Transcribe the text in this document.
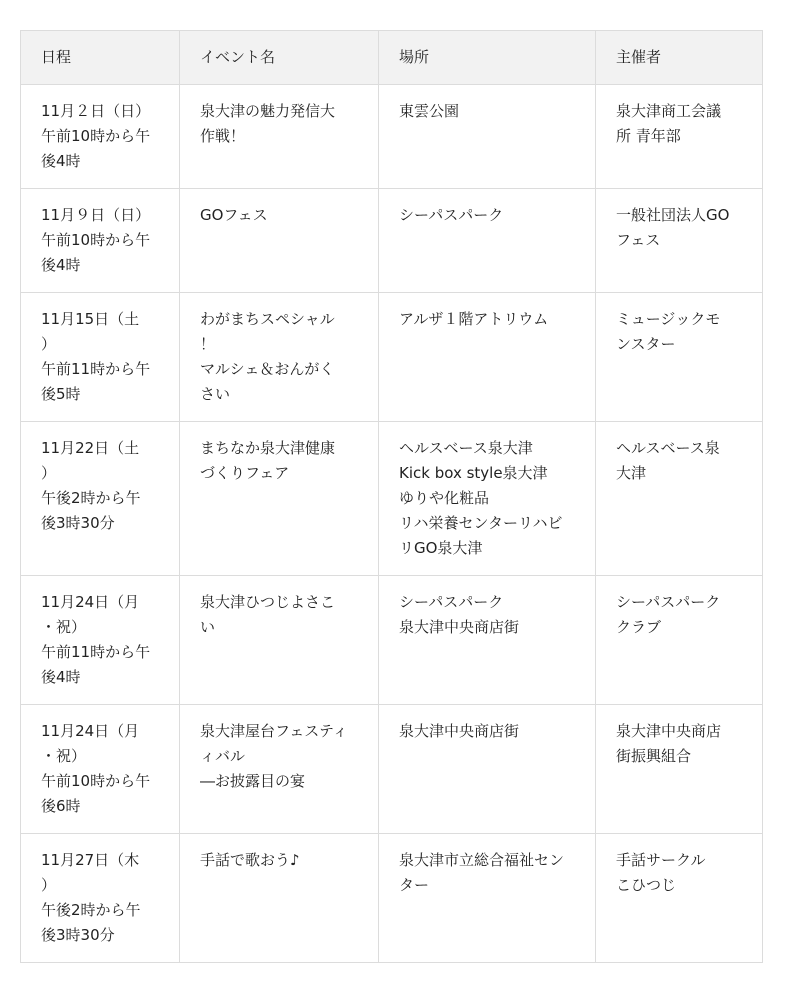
日程	イベント名	場所	主催者

11月２日（日）
午前10時から午
後4時	泉大津の魅力発信大
作戦！	東雲公園	泉大津商工会議
所 青年部

11月９日（日）
午前10時から午
後4時	GOフェス	シーパスパーク	一般社団法人GO
フェス

11月15日（土
）
午前11時から午
後5時	わがまちスペシャル
！
マルシェ＆おんがく
さい	アルザ１階アトリウム	ミュージックモ
ンスター

11月22日（土
）
午後2時から午
後3時30分	まちなか泉大津健康
づくりフェア	ヘルスベース泉大津
Kick box style泉大津
ゆりや化粧品
リハ栄養センターリハビ
リGO泉大津	ヘルスベース泉
大津

11月24日（月
・祝）
午前11時から午
後4時	泉大津ひつじよさこ
い	シーパスパーク
泉大津中央商店街	シーパスパーク
クラブ

11月24日（月
・祝）
午前10時から午
後6時	泉大津屋台フェスティ
ィバル
―お披露目の宴	泉大津中央商店街	泉大津中央商店
街振興組合

11月27日（木
）
午後2時から午
後3時30分	手話で歌おう♪	泉大津市立総合福祉セン
ター	手話サークル
こひつじ
